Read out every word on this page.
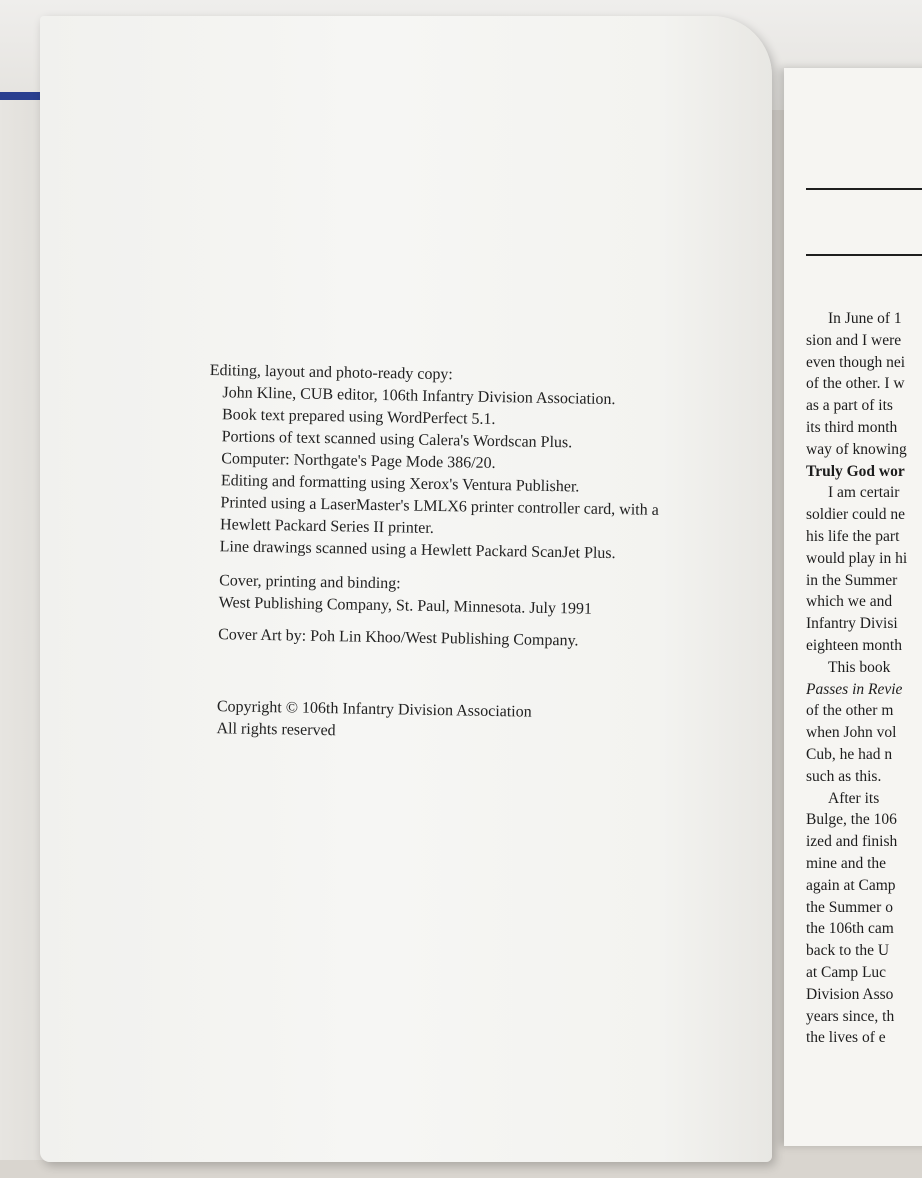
In June of 1
sion and I were
even though nei
of the other. I w
as a part of its
its third month
way of knowing
Truly God wor
I am certair
soldier could ne
his life the part
would play in hi
in the Summer
which we and
Infantry Divisi
eighteen month
This book
Passes in Revie
of the other m
when John vol
Cub, he had n
such as this.
After its
Bulge, the 106
ized and finish
mine and the
again at Camp
the Summer o
the 106th cam
back to the U
at Camp Luc
Division Asso
years since, th
the lives of e
Editing, layout and photo-ready copy:
John Kline, CUB editor, 106th Infantry Division Association.
Book text prepared using WordPerfect 5.1.
Portions of text scanned using Calera's Wordscan Plus.
Computer: Northgate's Page Mode 386/20.
Editing and formatting using Xerox's Ventura Publisher.
Printed using a LaserMaster's LMLX6 printer controller card, with a
Hewlett Packard Series II printer.
Line drawings scanned using a Hewlett Packard ScanJet Plus.
Cover, printing and binding:
West Publishing Company, St. Paul, Minnesota. July 1991
Cover Art by: Poh Lin Khoo/West Publishing Company.
Copyright © 106th Infantry Division Association
All rights reserved
